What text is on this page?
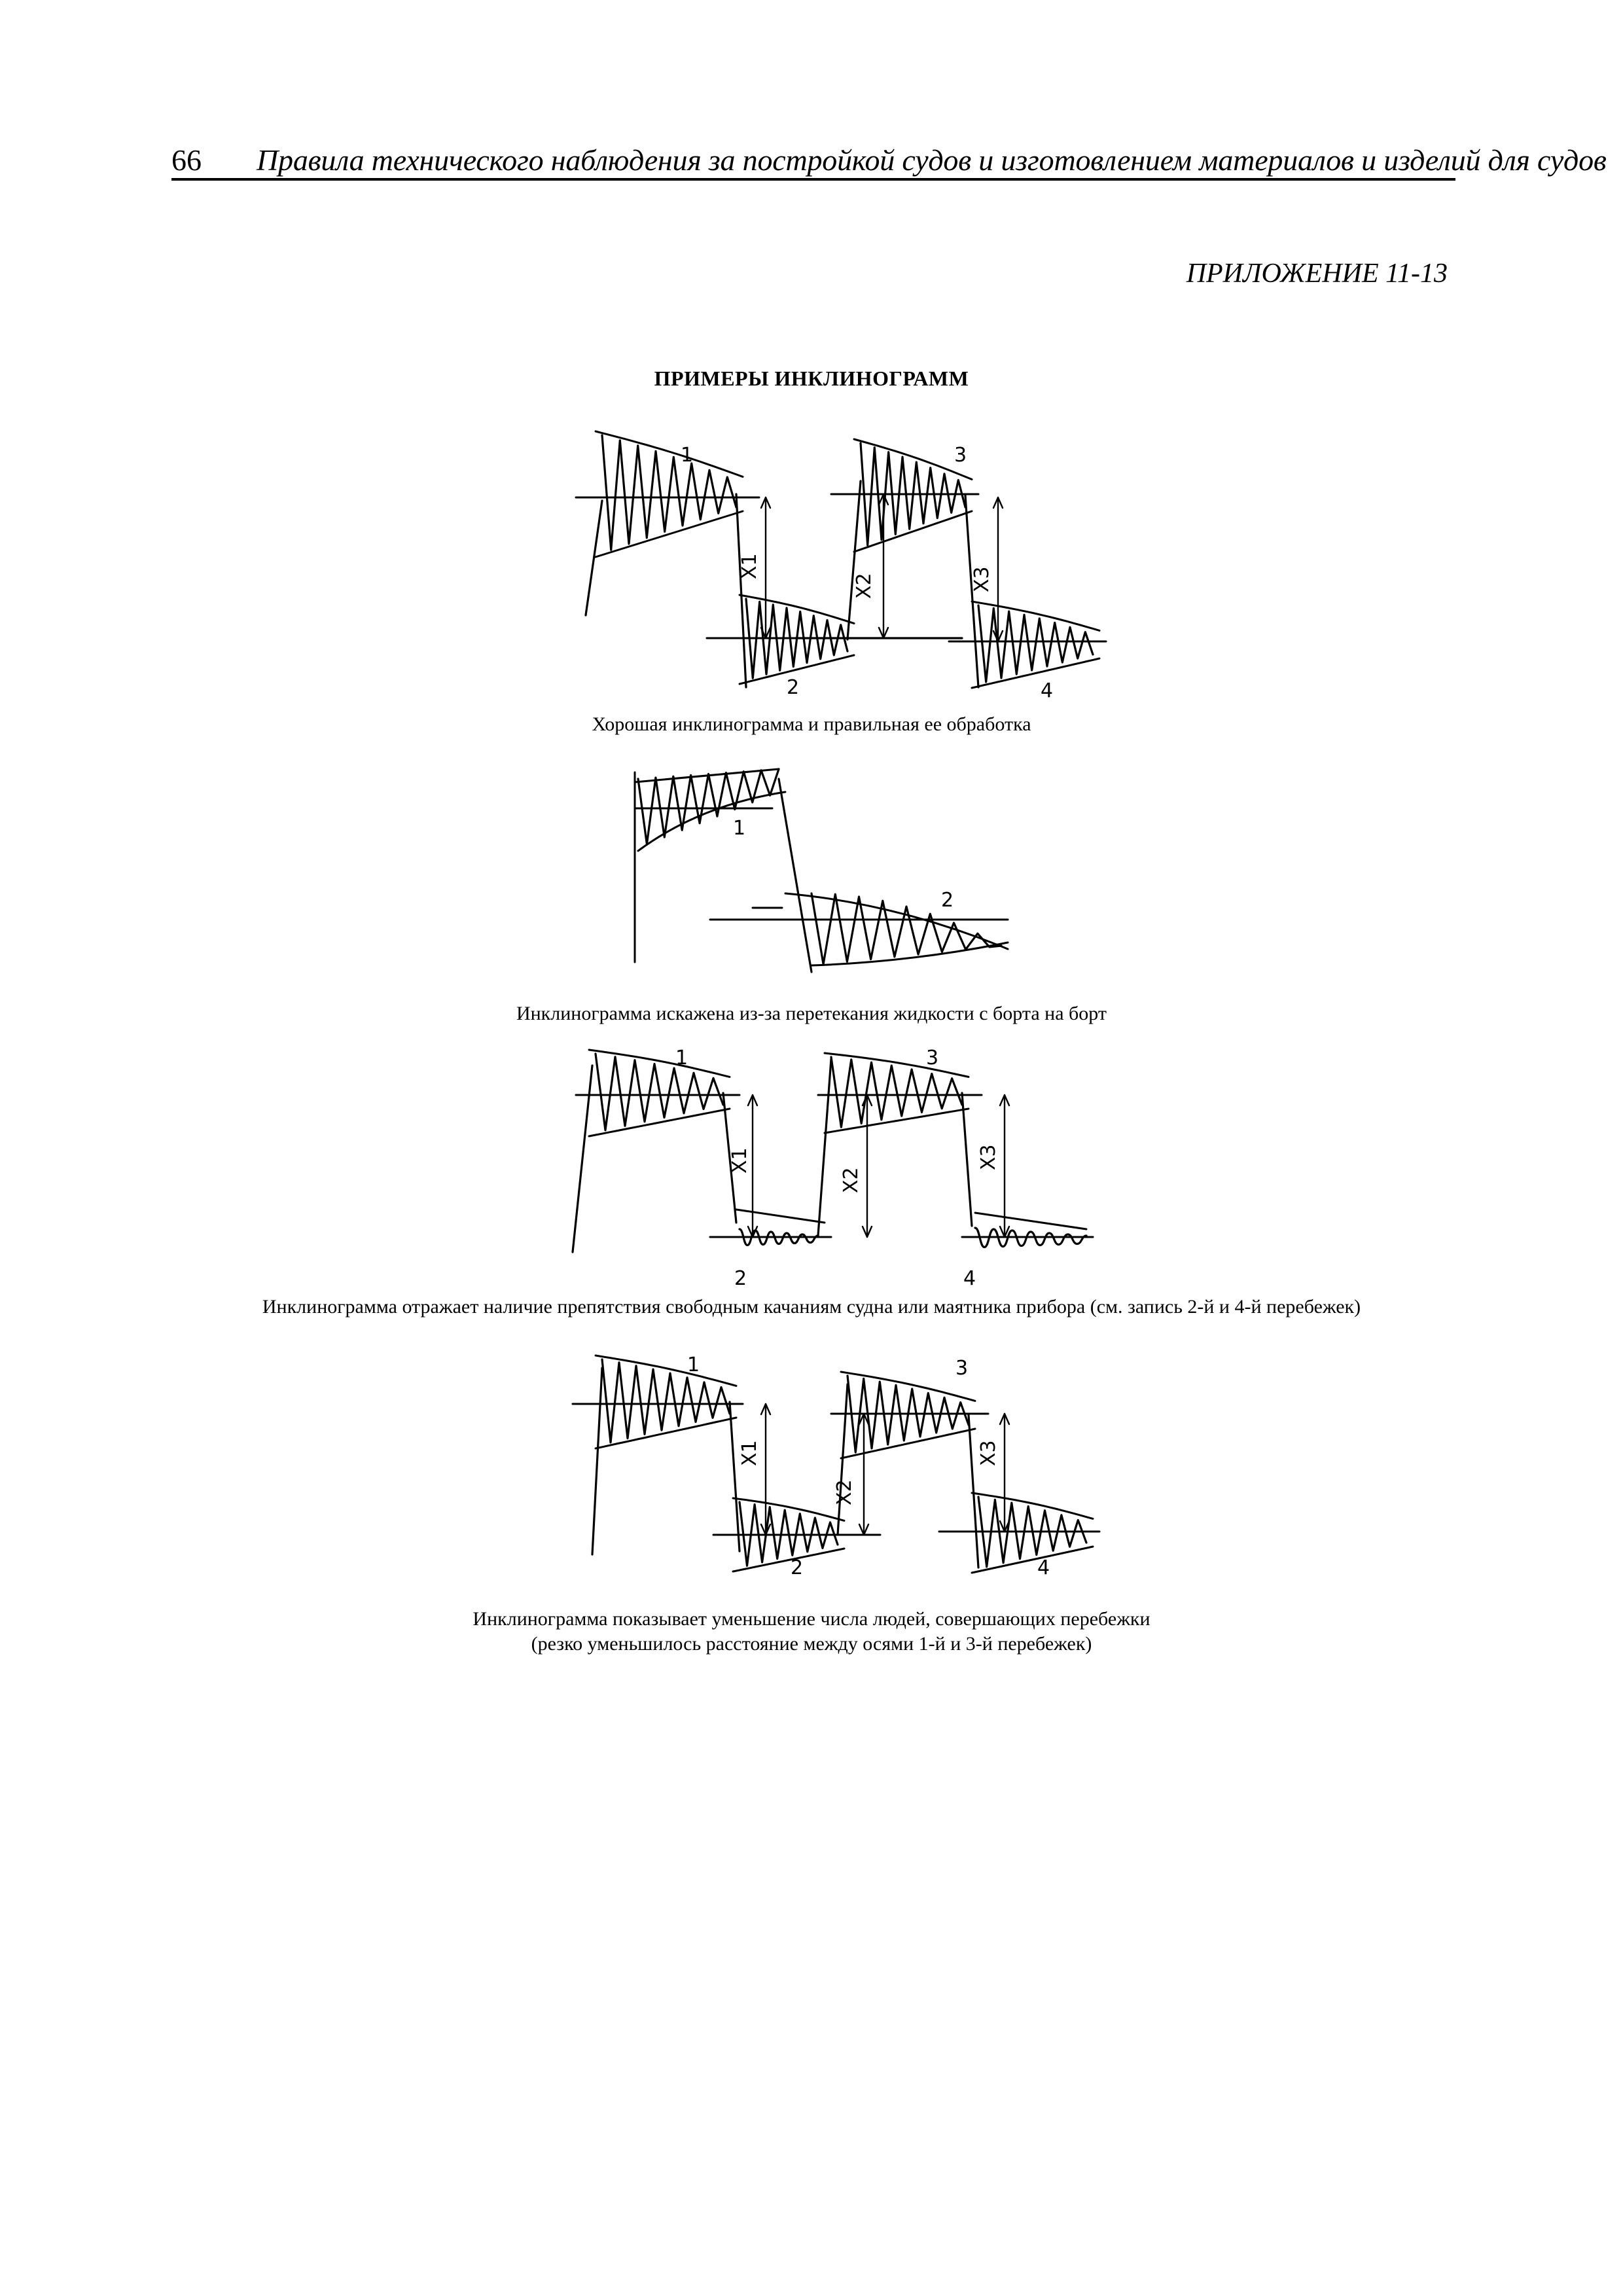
66 Правила технического наблюдения за постройкой судов и изготовлением материалов и изделий для судов
ПРИЛОЖЕНИЕ 11-13
ПРИМЕРЫ ИНКЛИНОГРАММ
1
2
3
4
X1
X2	X3
Хорошая инклинограмма и правильная ее обработка
1
2
Инклинограмма искажена из-за перетекания жидкости с борта на борт
1
2
3
4
X1
X2
X3
Инклинограмма отражает наличие препятствия свободным качаниям судна или маятника прибора (см. запись 2-й и 4-й перебежек)
1
2
3
4
X1
X2
X3
Инклинограмма показывает уменьшение числа людей, совершающих перебежки
(резко уменьшилось расстояние между осями 1-й и 3-й перебежек)
